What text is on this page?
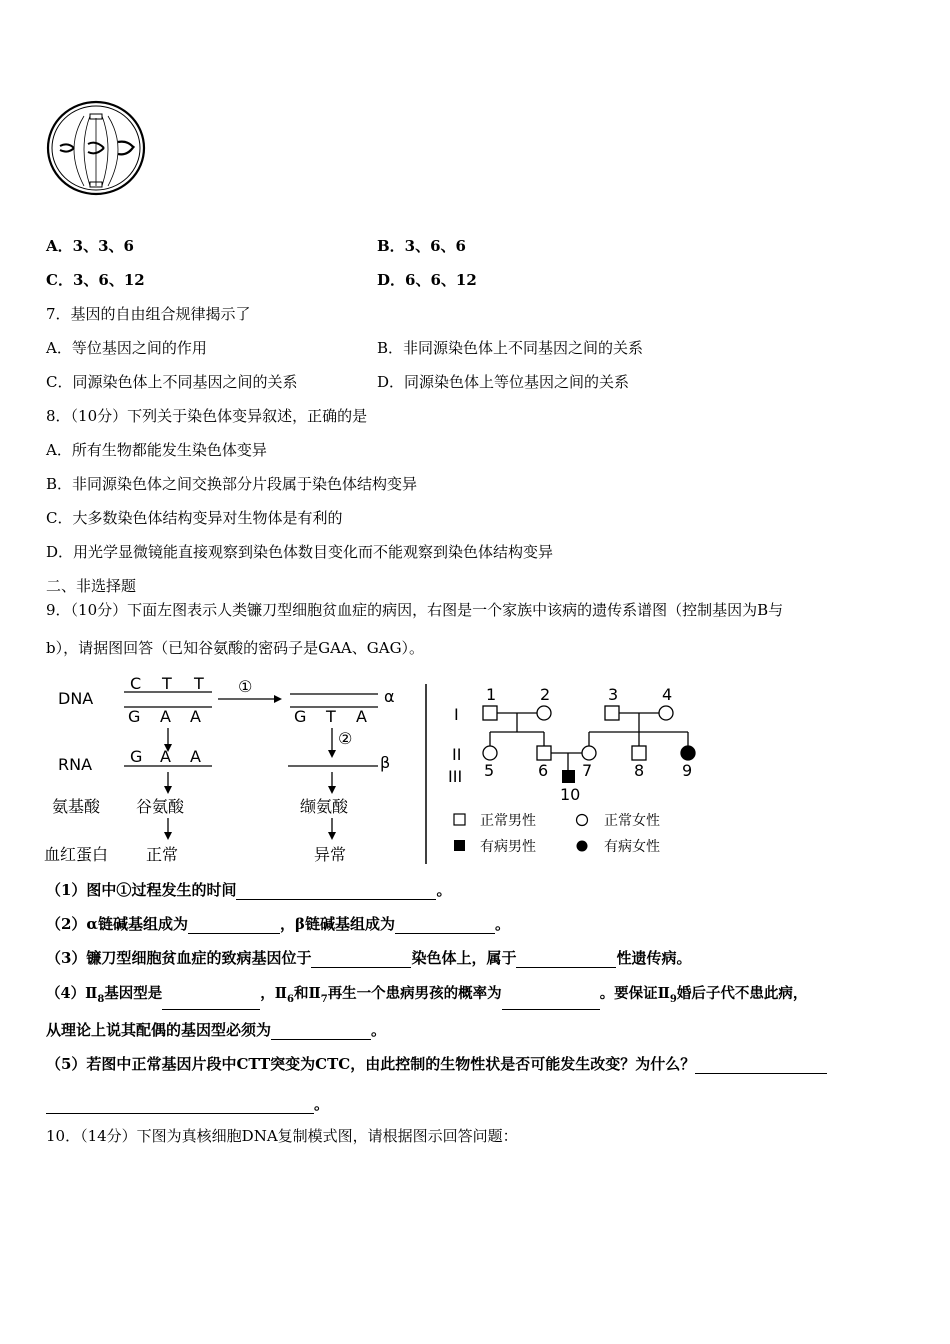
A．3、3、6	B．3、6、6
C．3、6、12	D．6、6、12
7．基因的自由组合规律揭示了
A．等位基因之间的作用	B．非同源染色体上不同基因之间的关系
C．同源染色体上不同基因之间的关系	D．同源染色体上等位基因之间的关系
8．（10分）下列关于染色体变异叙述，正确的是
A．所有生物都能发生染色体变异
B．非同源染色体之间交换部分片段属于染色体结构变异
C．大多数染色体结构变异对生物体是有利的
D．用光学显微镜能直接观察到染色体数目变化而不能观察到染色体结构变异
二、非选择题
9．（10分）下面左图表示人类镰刀型细胞贫血症的病因，右图是一个家族中该病的遗传系谱图（控制基因为B与
b），请据图回答（已知谷氨酸的密码子是GAA、GAG）。
DNA
RNA
氨基酸
血红蛋白
C T T
G A A
①
α
G T A
②
G A A	β
谷氨酸	缬氨酸
正常	异常
I
II
III
1	2	3	4
5	6 7	8 9
10
正常男性	正常女性
有病男性	有病女性
（1）图中①过程发生的时间	。
（2）α链碱基组成为	，β链碱基组成为	。
（3）镰刀型细胞贫血症的致病基因位于	染色体上，属于	性遗传病。
$(4)Ⅱ_8$基因型是	，$Ⅱ_6$和$Ⅱ_7$再生一个患病男孩的概率为	。要保证$Ⅱ_9$婚后子代不患此病，
从理论上说其配偶的基因型必须为	。
（5）若图中正常基因片段中CTT突变为CTC，由此控制的生物性状是否可能发生改变？为什么？
。
10．（14分）下图为真核细胞DNA复制模式图，请根据图示回答问题：
